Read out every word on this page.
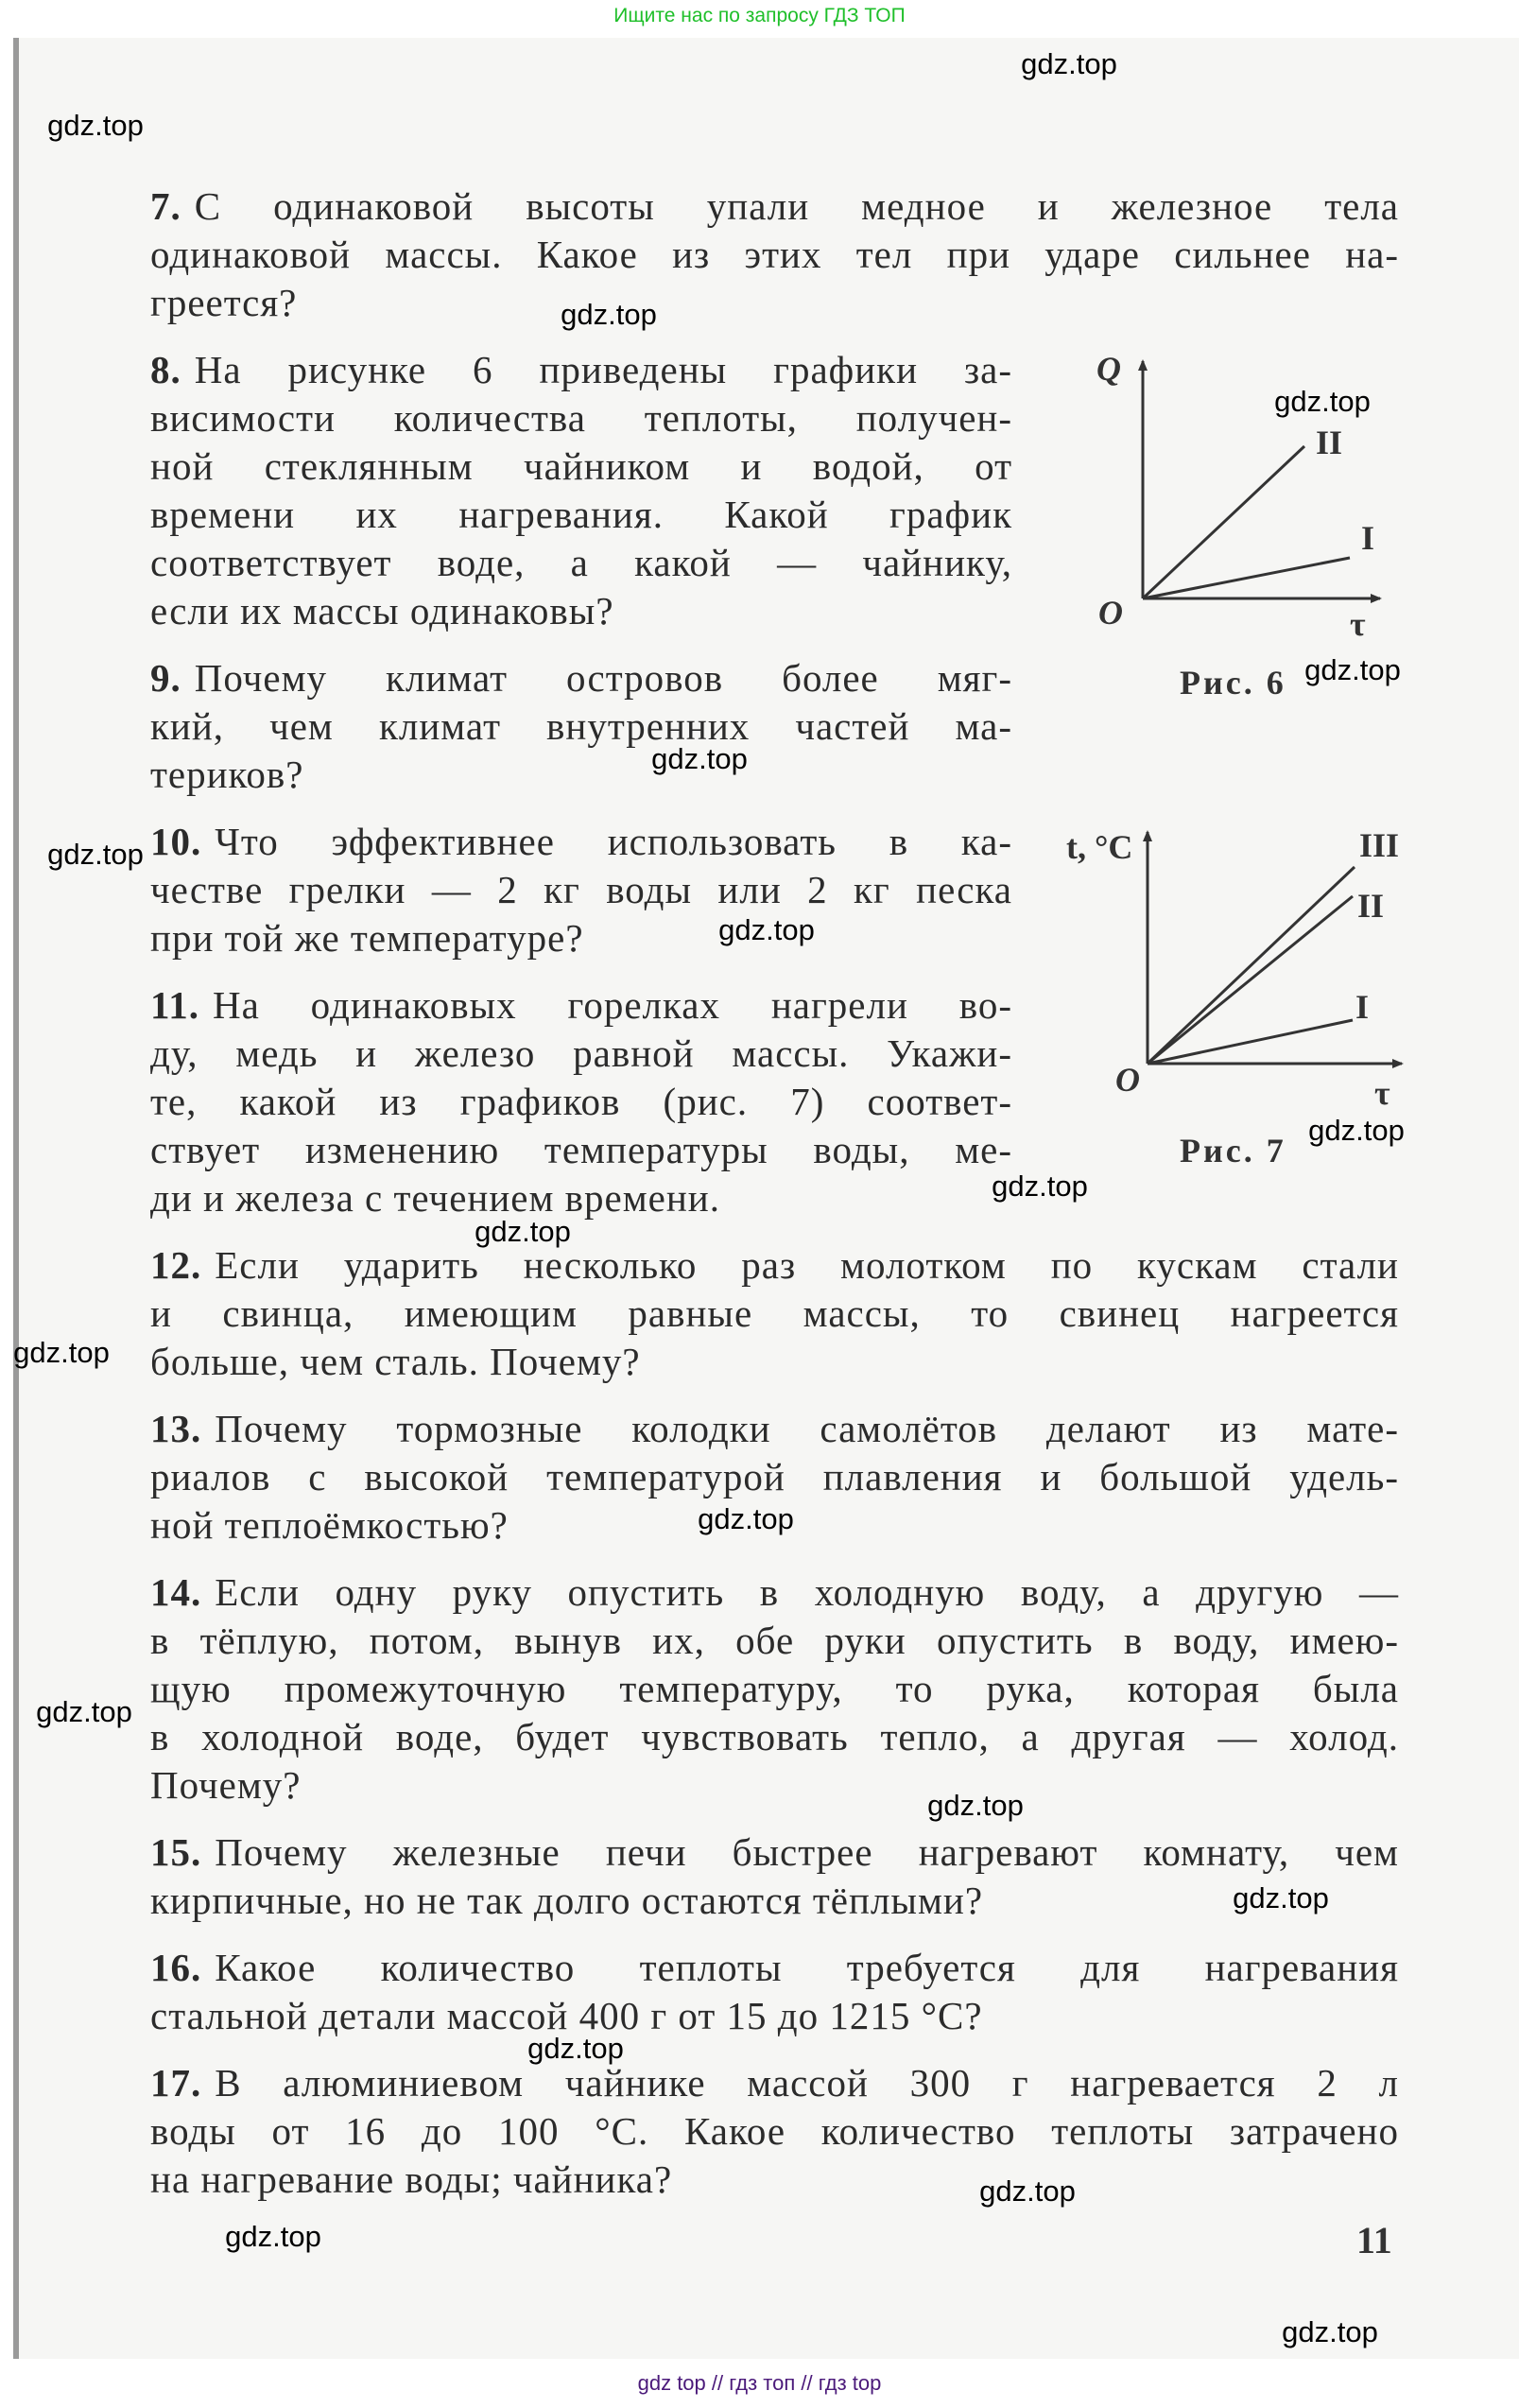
Ищите нас по запросу ГДЗ ТОП
7. С одинаковой высоты упали медное и железное тела
одинаковой массы. Какое из этих тел при ударе сильнее на-
греется?
8. На рисунке 6 приведены графики за-
висимости количества теплоты, получен-
ной стеклянным чайником и водой, от
времени их нагревания. Какой график
соответствует воде, а какой — чайнику,
если их массы одинаковы?
9. Почему климат островов более мяг-
кий, чем климат внутренних частей ма-
териков?
10. Что эффективнее использовать в ка-
честве грелки — 2 кг воды или 2 кг песка
при той же температуре?
11. На одинаковых горелках нагрели во-
ду, медь и железо равной массы. Укажи-
те, какой из графиков (рис. 7) соответ-
ствует изменению температуры воды, ме-
ди и железа с течением времени.
12. Если ударить несколько раз молотком по кускам стали
и свинца, имеющим равные массы, то свинец нагреется
больше, чем сталь. Почему?
13. Почему тормозные колодки самолётов делают из мате-
риалов с высокой температурой плавления и большой удель-
ной теплоёмкостью?
14. Если одну руку опустить в холодную воду, а другую —
в тёплую, потом, вынув их, обе руки опустить в воду, имею-
щую промежуточную температуру, то рука, которая была
в холодной воде, будет чувствовать тепло, а другая — холод.
Почему?
15. Почему железные печи быстрее нагревают комнату, чем
кирпичные, но не так долго остаются тёплыми?
16. Какое количество теплоты требуется для нагревания
стальной детали массой 400 г от 15 до 1215 °С?
17. В алюминиевом чайнике массой 300 г нагревается 2 л
воды от 16 до 100 °С. Какое количество теплоты затрачено
на нагревание воды; чайника?
Q
O	τ
II
I
Рис. 6
t, °C
O	τ
III
II
I
Рис. 7
11
gdz.top
gdz.top
gdz.top
gdz.top
gdz.top
gdz.top
gdz.top
gdz.top
gdz.top
gdz.top
gdz.top
gdz.top
gdz.top
gdz.top
gdz.top
gdz.top
gdz.top
gdz.top
gdz.top
gdz.top
gdz top // гдз топ // гдз top
